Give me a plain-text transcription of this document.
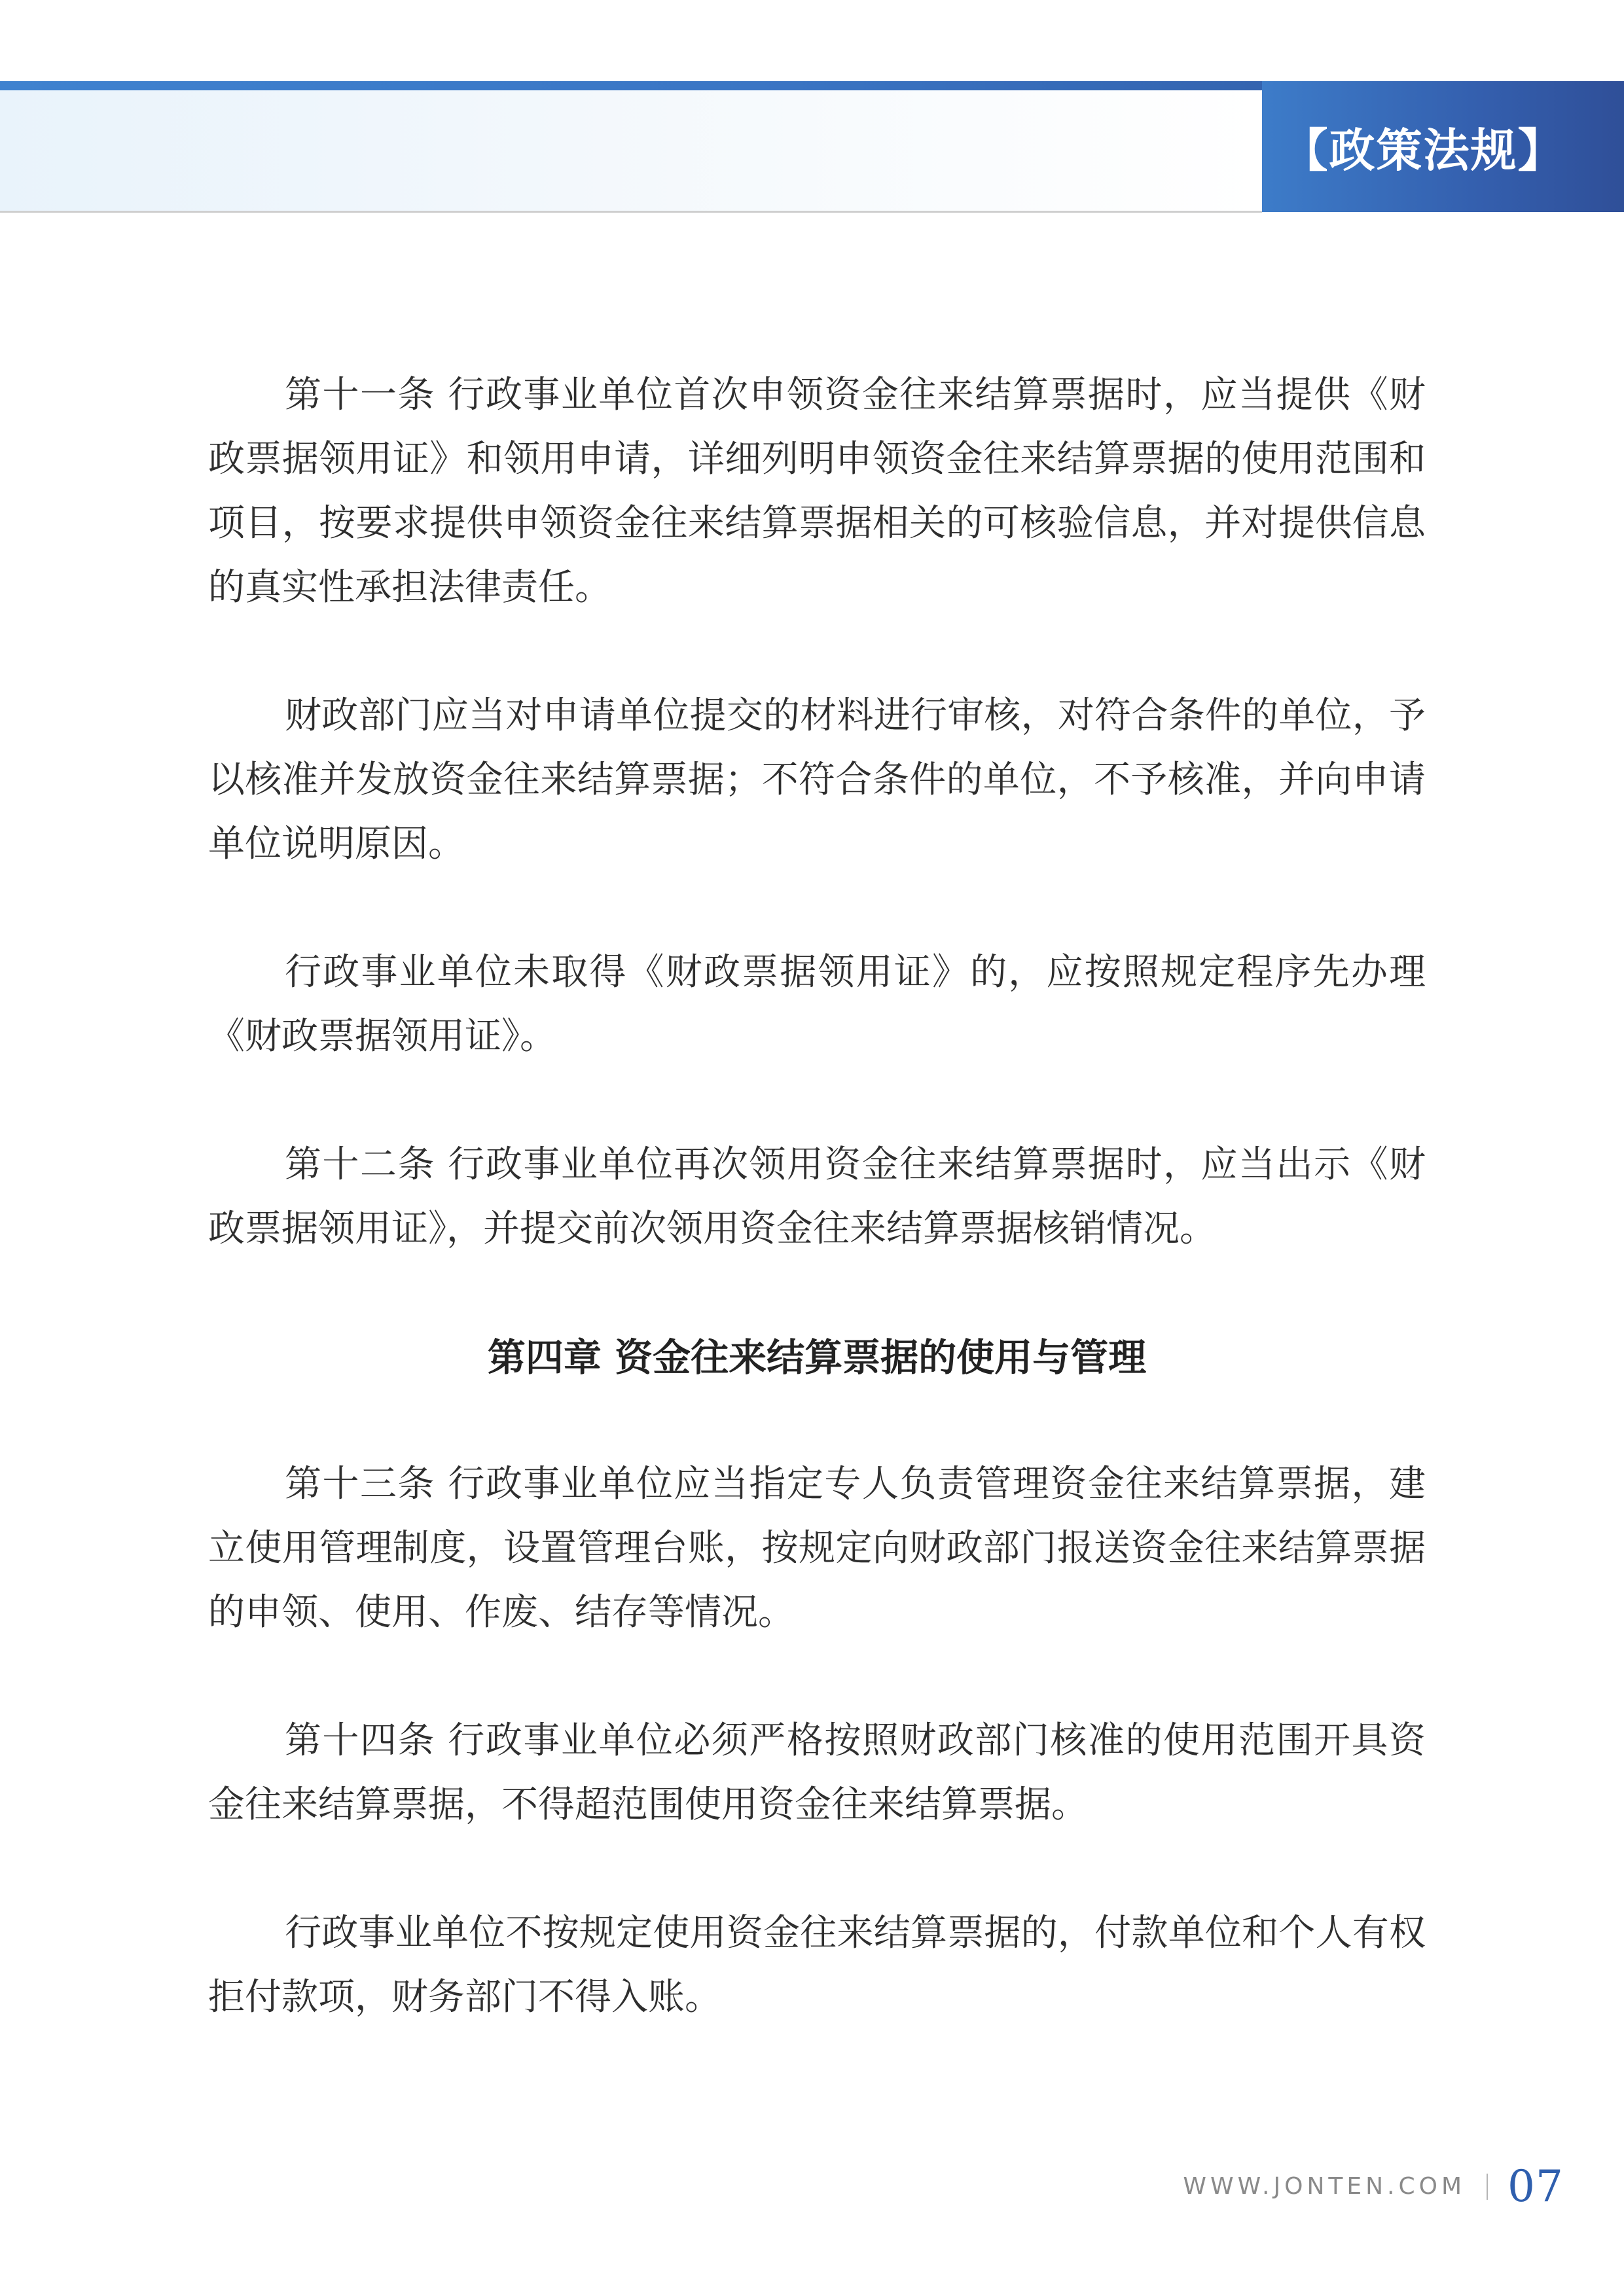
【政策法规】

第十一条 行政事业单位首次申领资金往来结算票据时，应当提供《财政票据领用证》和领用申请，详细列明申领资金往来结算票据的使用范围和项目，按要求提供申领资金往来结算票据相关的可核验信息，并对提供信息的真实性承担法律责任。

财政部门应当对申请单位提交的材料进行审核，对符合条件的单位，予以核准并发放资金往来结算票据；不符合条件的单位，不予核准，并向申请单位说明原因。

行政事业单位未取得《财政票据领用证》的，应按照规定程序先办理《财政票据领用证》。

第十二条 行政事业单位再次领用资金往来结算票据时，应当出示《财政票据领用证》，并提交前次领用资金往来结算票据核销情况。

第四章 资金往来结算票据的使用与管理

第十三条 行政事业单位应当指定专人负责管理资金往来结算票据，建立使用管理制度，设置管理台账，按规定向财政部门报送资金往来结算票据的申领、使用、作废、结存等情况。

第十四条 行政事业单位必须严格按照财政部门核准的使用范围开具资金往来结算票据，不得超范围使用资金往来结算票据。

行政事业单位不按规定使用资金往来结算票据的，付款单位和个人有权拒付款项，财务部门不得入账。

WWW.JONTEN.COM 07
